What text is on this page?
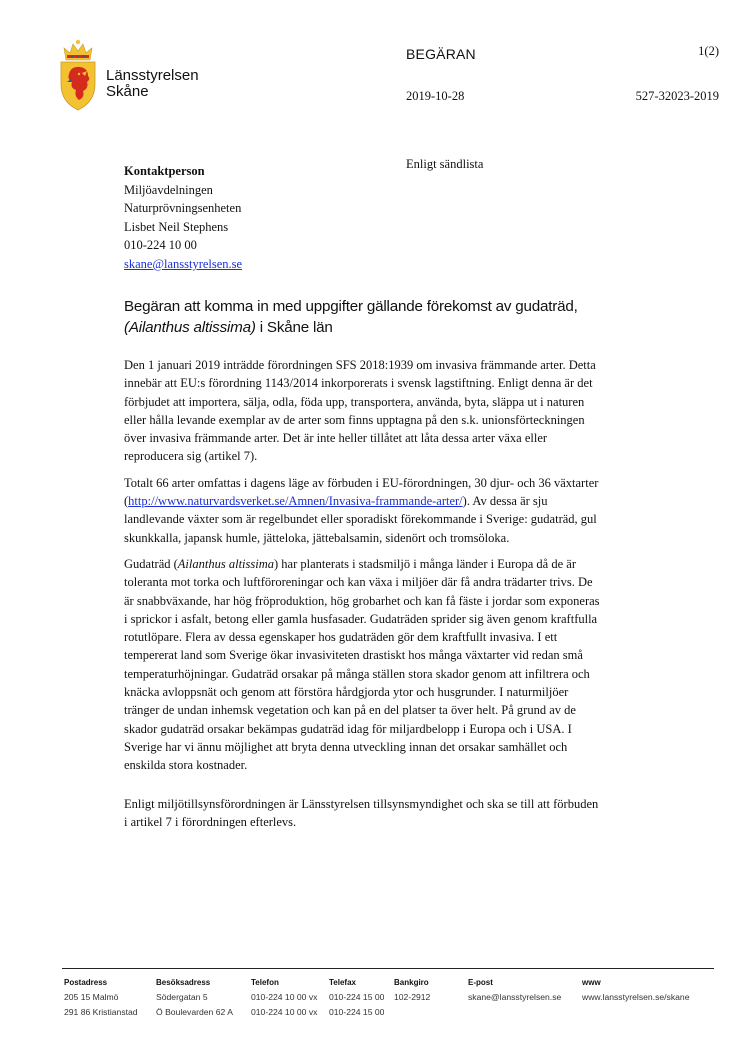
Länsstyrelsen
Skåne
BEGÄRAN	1(2)
2019-10-28	527-32023-2019
Kontaktperson
Miljöavdelningen
Naturprövningsenheten
Lisbet Neil Stephens
010-224 10 00
skane@lansstyrelsen.se
Enligt sändlista
Begäran att komma in med uppgifter gällande förekomst av gudaträd, (Ailanthus altissima) i Skåne län

Den 1 januari 2019 inträdde förordningen SFS 2018:1939 om invasiva främmande arter. Detta innebär att EU:s förordning 1143/2014 inkorporerats i svensk lagstiftning. Enligt denna är det förbjudet att importera, sälja, odla, föda upp, transportera, använda, byta, släppa ut i naturen eller hålla levande exemplar av de arter som finns upptagna på den s.k. unionsförteckningen över invasiva främmande arter. Det är inte heller tillåtet att låta dessa arter växa eller reproducera sig (artikel 7).

Totalt 66 arter omfattas i dagens läge av förbuden i EU-förordningen, 30 djur- och 36 växtarter (http://www.naturvardsverket.se/Amnen/Invasiva-frammande-arter/). Av dessa är sju landlevande växter som är regelbundet eller sporadiskt förekommande i Sverige: gudaträd, gul skunkkalla, japansk humle, jätteloka, jättebalsamin, sidenört och tromsöloka.

Gudaträd (Ailanthus altissima) har planterats i stadsmiljö i många länder i Europa då de är toleranta mot torka och luftföroreningar och kan växa i miljöer där få andra trädarter trivs. De är snabbväxande, har hög fröproduktion, hög grobarhet och kan få fäste i jordar som exponeras i sprickor i asfalt, betong eller gamla husfasader. Gudaträden sprider sig även genom kraftfulla rotutlöpare. Flera av dessa egenskaper hos gudaträden gör dem kraftfullt invasiva. I ett tempererat land som Sverige ökar invasiviteten drastiskt hos många växtarter vid redan små temperaturhöjningar. Gudaträd orsakar på många ställen stora skador genom att infiltrera och knäcka avloppsnät och genom att förstöra hårdgjorda ytor och husgrunder. I naturmiljöer tränger de undan inhemsk vegetation och kan på en del platser ta över helt. På grund av de skador gudaträd orsakar bekämpas gudaträd idag för miljardbelopp i Europa och i USA. I Sverige har vi ännu möjlighet att bryta denna utveckling innan det orsakar samhället och enskilda stora kostnader.

Enligt miljötillsynsförordningen är Länsstyrelsen tillsynsmyndighet och ska se till att förbuden i artikel 7 i förordningen efterlevs.

Postadress
205 15 Malmö
291 86 Kristianstad
Besöksadress
Södergatan 5
Ö Boulevarden 62 A
Telefon
010-224 10 00 vx
010-224 10 00 vx
Telefax
010-224 15 00
010-224 15 00
Bankgiro
102-2912
E-post
skane@lansstyrelsen.se
www
www.lansstyrelsen.se/skane
